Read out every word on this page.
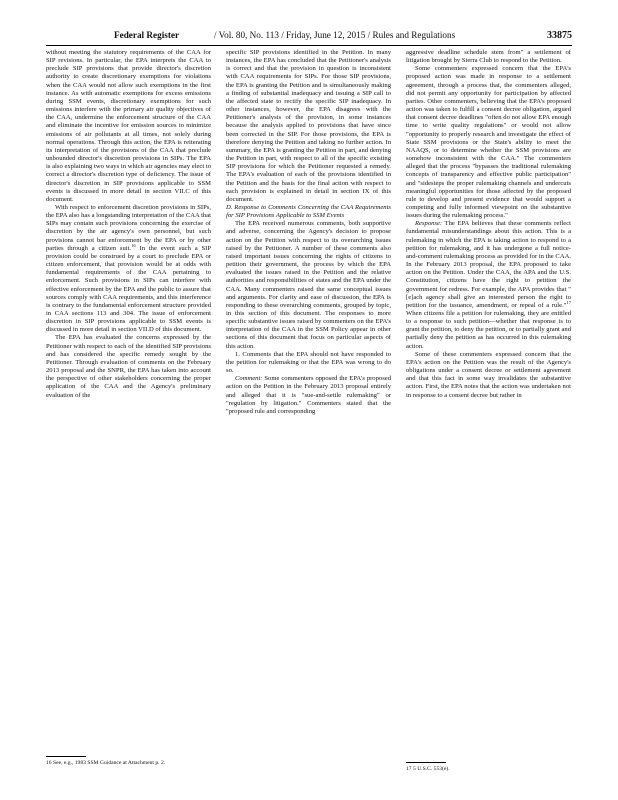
Federal Register	/ Vol. 80, No. 113 / Friday, June 12, 2015 / Rules and Regulations	33875

without meeting the statutory requirements of the CAA for SIP revisions. In particular, the EPA interprets the CAA to preclude SIP provisions that provide director's discretion authority to create discretionary exemptions for violations when the CAA would not allow such exemptions in the first instance. As with automatic exemptions for excess emissions during SSM events, discretionary exemptions for such emissions interfere with the primary air quality objectives of the CAA, undermine the enforcement structure of the CAA and eliminate the incentive for emission sources to minimize emissions of air pollutants at all times, not solely during normal operations. Through this action, the EPA is reiterating its interpretation of the provisions of the CAA that preclude unbounded director's discretion provisions in SIPs. The EPA is also explaining two ways in which air agencies may elect to correct a director's discretion type of deficiency. The issue of director's discretion in SIP provisions applicable to SSM events is discussed in more detail in section VII.C of this document.

With respect to enforcement discretion provisions in SIPs, the EPA also has a longstanding interpretation of the CAA that SIPs may contain such provisions concerning the exercise of discretion by the air agency's own personnel, but such provisions cannot bar enforcement by the EPA or by other parties through a citizen suit.$^{16}$ In the event such a SIP provision could be construed by a court to preclude EPA or citizen enforcement, that provision would be at odds with fundamental requirements of the CAA pertaining to enforcement. Such provisions in SIPs can interfere with effective enforcement by the EPA and the public to assure that sources comply with CAA requirements, and this interference is contrary to the fundamental enforcement structure provided in CAA sections 113 and 304. The issue of enforcement discretion in SIP provisions applicable to SSM events is discussed in more detail in section VII.D of this document.

The EPA has evaluated the concerns expressed by the Petitioner with respect to each of the identified SIP provisions and has considered the specific remedy sought by the Petitioner. Through evaluation of comments on the February 2013 proposal and the SNPR, the EPA has taken into account the perspective of other stakeholders concerning the proper application of the CAA and the Agency's preliminary evaluation of the

16 See, e.g., 1983 SSM Guidance at Attachment p. 2.

specific SIP provisions identified in the Petition. In many instances, the EPA has concluded that the Petitioner's analysis is correct and that the provision in question is inconsistent with CAA requirements for SIPs. For those SIP provisions, the EPA is granting the Petition and is simultaneously making a finding of substantial inadequacy and issuing a SIP call to the affected state to rectify the specific SIP inadequacy. In other instances, however, the EPA disagrees with the Petitioner's analysis of the provision, in some instances because the analysis applied to provisions that have since been corrected in the SIP. For those provisions, the EPA is therefore denying the Petition and taking no further action. In summary, the EPA is granting the Petition in part, and denying the Petition in part, with respect to all of the specific existing SIP provisions for which the Petitioner requested a remedy. The EPA's evaluation of each of the provisions identified in the Petition and the basis for the final action with respect to each provision is explained in detail in section IX of this document.

D. Response to Comments Concerning the CAA Requirements for SIP Provisions Applicable to SSM Events

The EPA received numerous comments, both supportive and adverse, concerning the Agency's decision to propose action on the Petition with respect to its overarching issues raised by the Petitioner. A number of these comments also raised important issues concerning the rights of citizens to petition their government, the process by which the EPA evaluated the issues raised in the Petition and the relative authorities and responsibilities of states and the EPA under the CAA. Many commenters raised the same conceptual issues and arguments. For clarity and ease of discussion, the EPA is responding to these overarching comments, grouped by topic, in this section of this document. The responses to more specific substantive issues raised by commenters on the EPA's interpretation of the CAA in the SSM Policy appear in other sections of this document that focus on particular aspects of this action.

1. Comments that the EPA should not have responded to the petition for rulemaking or that the EPA was wrong to do so.

Comment: Some commenters opposed the EPA's proposed action on the Petition in the February 2013 proposal entirely and alleged that it is "sue-and-settle rulemaking" or "regulation by litigation." Commenters stated that the "proposed rule and corresponding

aggressive deadline schedule stem from" a settlement of litigation brought by Sierra Club to respond to the Petition.

Some commenters expressed concern that the EPA's proposed action was made in response to a settlement agreement, through a process that, the commenters alleged, did not permit any opportunity for participation by affected parties. Other commenters, believing that the EPA's proposed action was taken to fulfill a consent decree obligation, argued that consent decree deadlines "often do not allow EPA enough time to write quality regulations" or would not allow "opportunity to properly research and investigate the effect of State SSM provisions or the State's ability to meet the NAAQS, or to determine whether the SSM provisions are somehow inconsistent with the CAA." The commenters alleged that the process "bypasses the traditional rulemaking concepts of transparency and effective public participation" and "sidesteps the proper rulemaking channels and undercuts meaningful opportunities for those affected by the proposed rule to develop and present evidence that would support a competing and fully informed viewpoint on the substantive issues during the rulemaking process."

Response: The EPA believes that these comments reflect fundamental misunderstandings about this action. This is a rulemaking in which the EPA is taking action to respond to a petition for rulemaking, and it has undergone a full notice-and-comment rulemaking process as provided for in the CAA. In the February 2013 proposal, the EPA proposed to take action on the Petition. Under the CAA, the APA and the U.S. Constitution, citizens have the right to petition the government for redress. For example, the APA provides that "[e]ach agency shall give an interested person the right to petition for the issuance, amendment, or repeal of a rule."$^{17}$ When citizens file a petition for rulemaking, they are entitled to a response to such petition—whether that response is to grant the petition, to deny the petition, or to partially grant and partially deny the petition as has occurred in this rulemaking action.

Some of these commenters expressed concern that the EPA's action on the Petition was the result of the Agency's obligations under a consent decree or settlement agreement and that this fact in some way invalidates the substantive action. First, the EPA notes that the action was undertaken not in response to a consent decree but rather in

17 5 U.S.C. 553(e).
